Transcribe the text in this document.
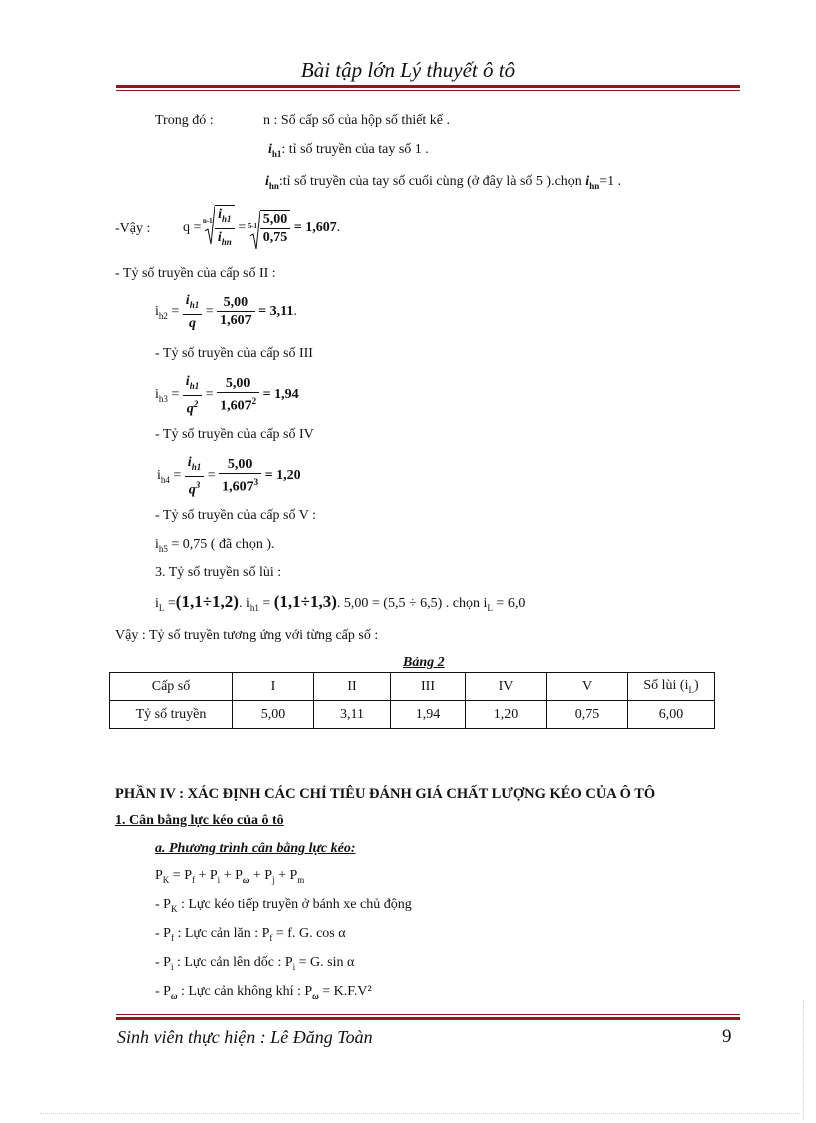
Bài tập lớn Lý thuyết ô tô
Trong đó :	n : Số cấp số của hộp số thiết kế .
$i_{h1}$: tỉ số truyền của tay số 1 .
$i_{hn}:tỉ$ số truyền của tay số cuối cùng (ở đây là số 5 ).chọn $i_{hn}=1$ .
-Vậy : $q = n-1 \frac{i_{h1}}{i_{hn}} = 5-1 \frac{5,00}{0,75} = 1,607$.
- Tỷ số truyền của cấp số II :
$i_{h2} = \frac{i_{h1}}{q} = \frac{5,00}{1,607} = 3,11$.
- Tỷ số truyền của cấp số III
$i_{h3} = \frac{i_{h1}}{q^2} = \frac{5,00}{1,607^2} = 1,94$
- Tỷ số truyền của cấp số IV
$i_{h4} = \frac{i_{h1}}{q^3} = \frac{5,00}{1,607^3} = 1,20$
- Tỷ số truyền của cấp số V :
$i_{h5} = 0,75$ ( đã chọn ).
3. Tỷ số truyền số lùi :
$i_L =(1,1\div 1,2)$. $i_{h1} = (1,1\div 1,3)$. 5,00 = (5,5 ÷ 6,5) . chọn $i_L = 6,0$
Vậy : Tỷ số truyền tương ứng với từng cấp số :
Bảng 2
Cấp số	I	II	III	IV	V	Số lùi $(i_L)$
Tỷ số truyền	5,00	3,11	1,94	1,20	0,75	6,00
PHẦN IV : XÁC ĐỊNH CÁC CHỈ TIÊU ĐÁNH GIÁ CHẤT LƯỢNG KÉO CỦA Ô TÔ
1. Cân bằng lực kéo của ô tô
a. Phương trình cân bằng lực kéo:
$P_K = P_f + P_i + P_\omega + P_j + P_m$
- $P_K$ : Lực kéo tiếp truyền ở bánh xe chủ động
- $P_f$ : Lực cản lăn : $P_f = f$. G. cos α
- $P_i$ : Lực cản lên dốc : $P_i = G$. sin α
- $P_\omega$ : Lực cản không khí : $P_\omega = K.F.V^2$
Sinh viên thực hiện : Lê Đăng Toàn	9
